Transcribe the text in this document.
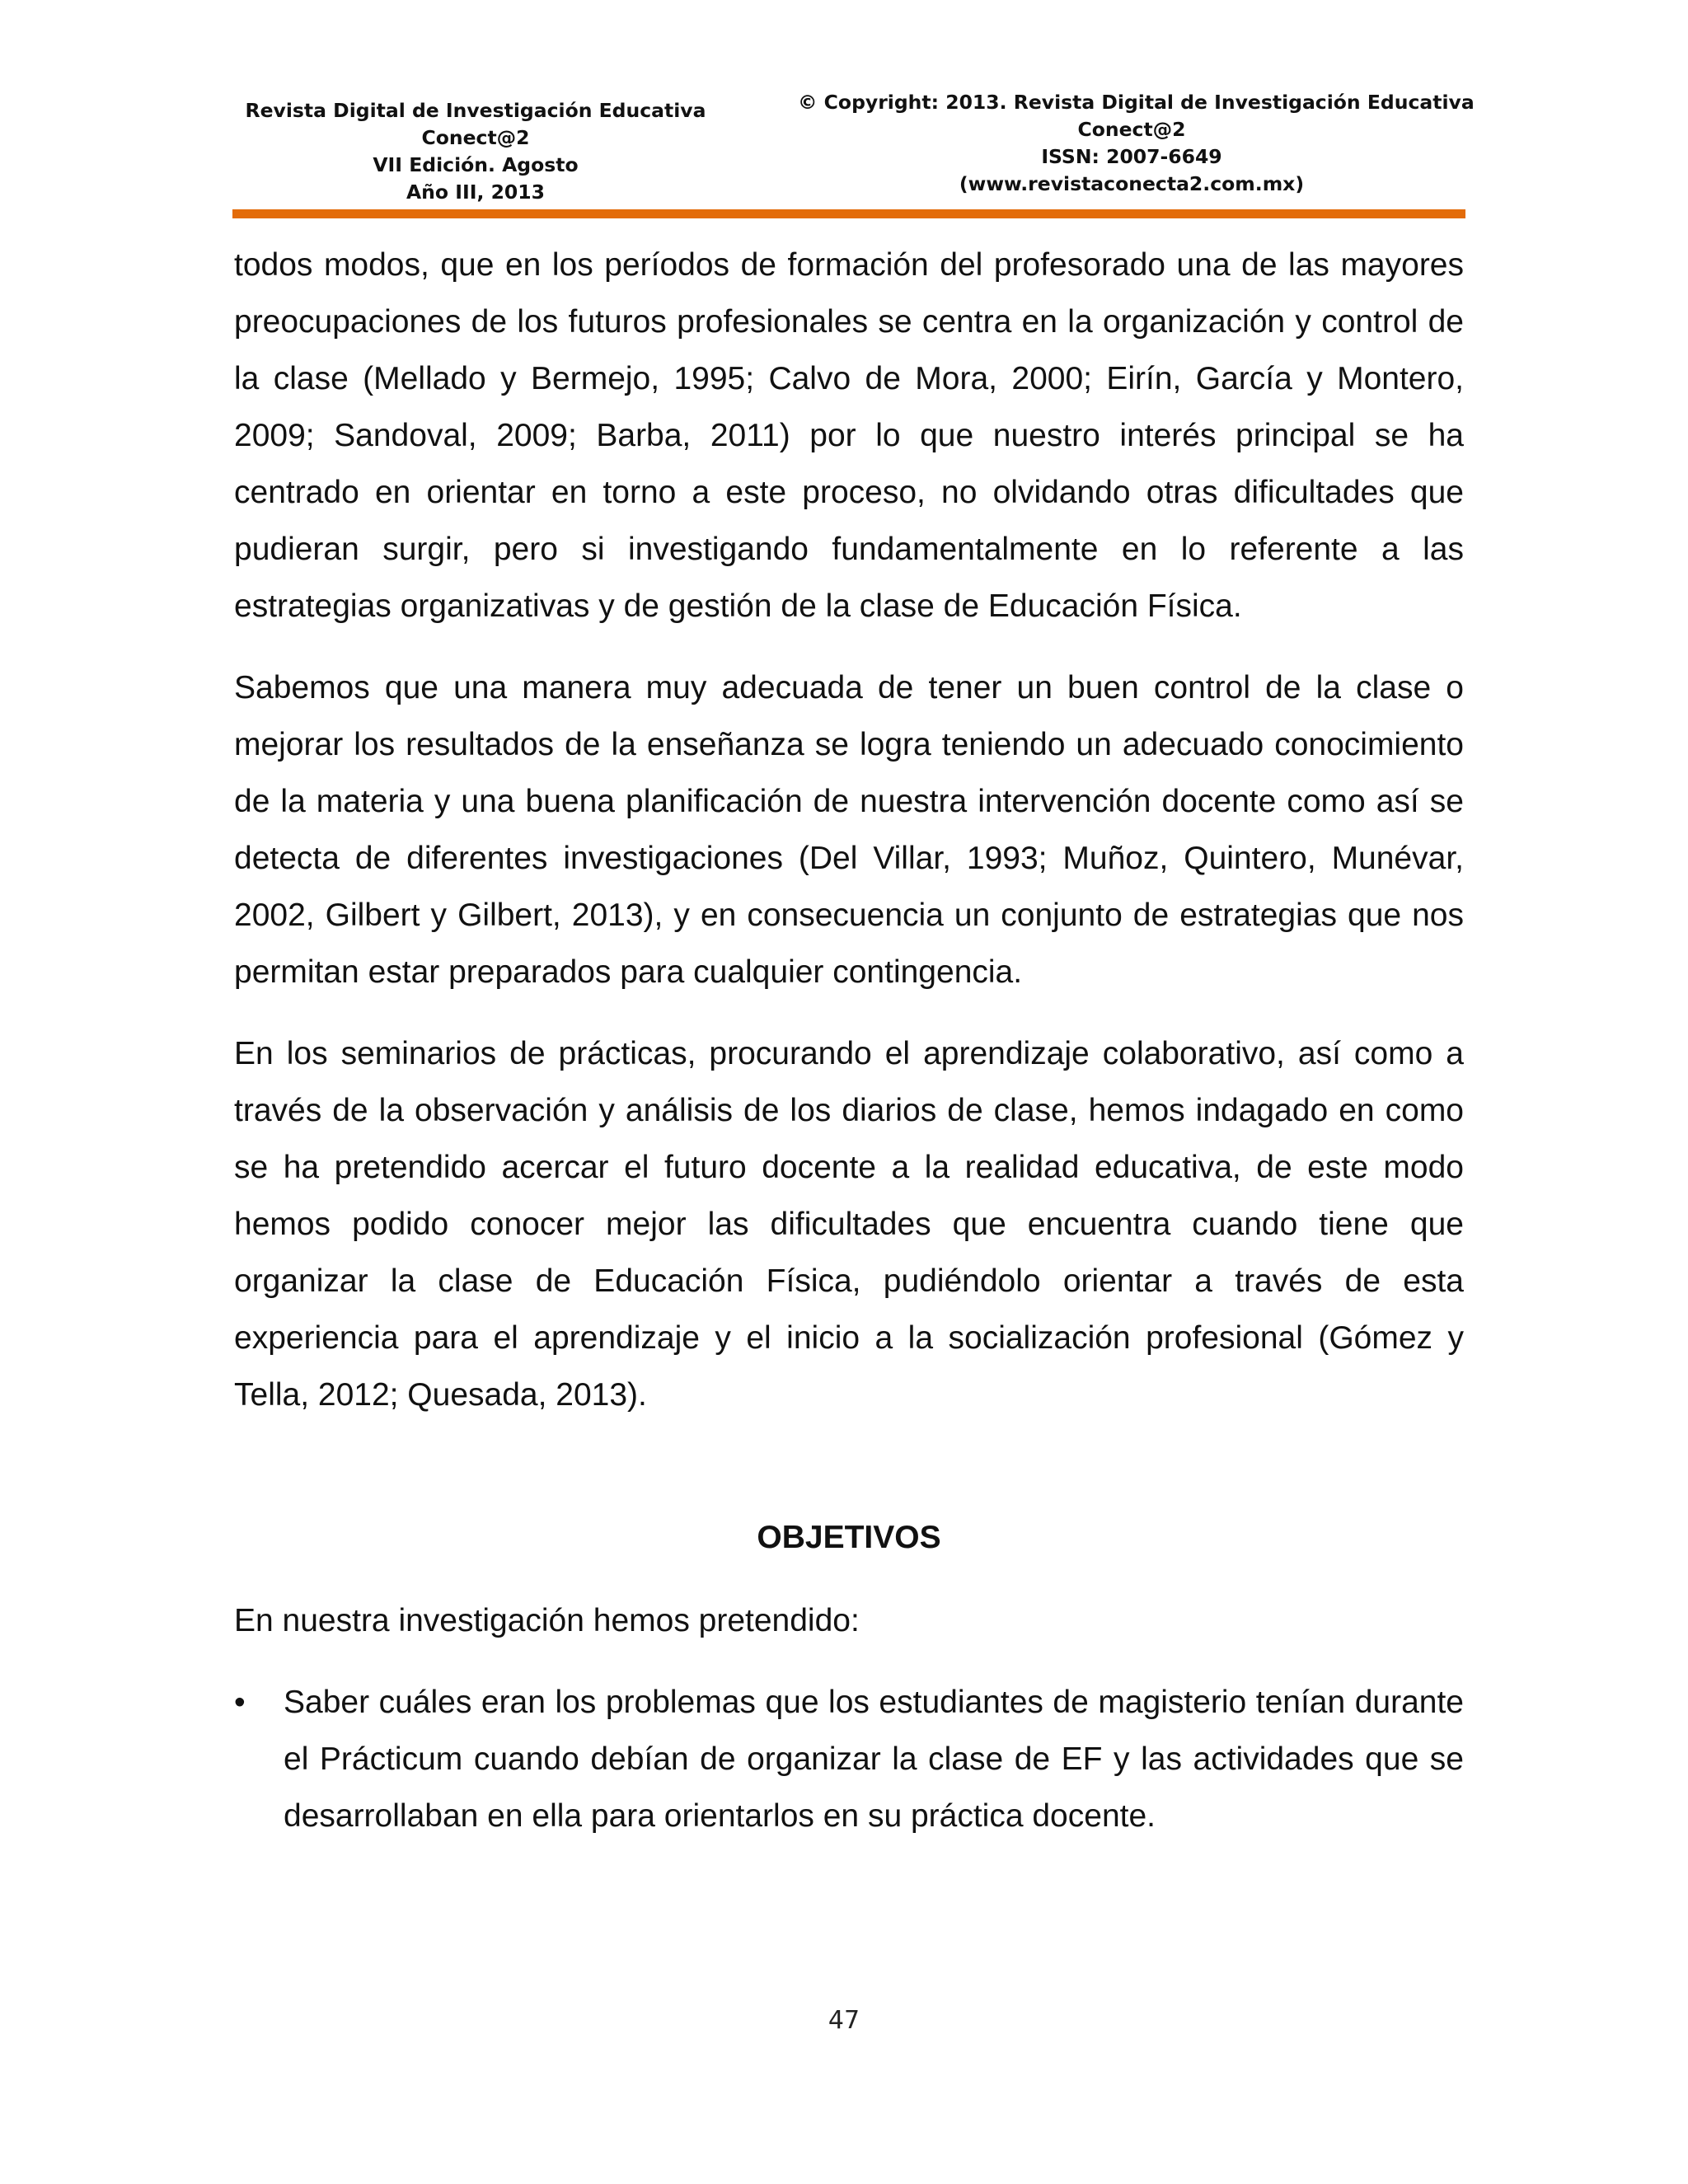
Revista Digital de Investigación Educativa
Conect@2
VII Edición. Agosto
Año III, 2013
© Copyright: 2013. Revista Digital de Investigación Educativa
Conect@2
ISSN: 2007-6649
(www.revistaconecta2.com.mx)

todos modos, que en los períodos de formación del profesorado una de las mayores preocupaciones de los futuros profesionales se centra en la organización y control de la clase (Mellado y Bermejo, 1995; Calvo de Mora, 2000; Eirín, García y Montero, 2009; Sandoval, 2009; Barba, 2011) por lo que nuestro interés principal se ha centrado en orientar en torno a este proceso, no olvidando otras dificultades que pudieran surgir, pero si investigando fundamentalmente en lo referente a las estrategias organizativas y de gestión de la clase de Educación Física.

Sabemos que una manera muy adecuada de tener un buen control de la clase o mejorar los resultados de la enseñanza se logra teniendo un adecuado conocimiento de la materia y una buena planificación de nuestra intervención docente como así se detecta de diferentes investigaciones (Del Villar, 1993; Muñoz, Quintero, Munévar, 2002, Gilbert y Gilbert, 2013), y en consecuencia un conjunto de estrategias que nos permitan estar preparados para cualquier contingencia.

En los seminarios de prácticas, procurando el aprendizaje colaborativo, así como a través de la observación y análisis de los diarios de clase, hemos indagado en como se ha pretendido acercar el futuro docente a la realidad educativa, de este modo hemos podido conocer mejor las dificultades que encuentra cuando tiene que organizar la clase de Educación Física, pudiéndolo orientar a través de esta experiencia para el aprendizaje y el inicio a la socialización profesional (Gómez y Tella, 2012; Quesada, 2013).

OBJETIVOS

En nuestra investigación hemos pretendido:

•	Saber cuáles eran los problemas que los estudiantes de magisterio tenían durante el Prácticum cuando debían de organizar la clase de EF y las actividades que se desarrollaban en ella para orientarlos en su práctica docente.
47
